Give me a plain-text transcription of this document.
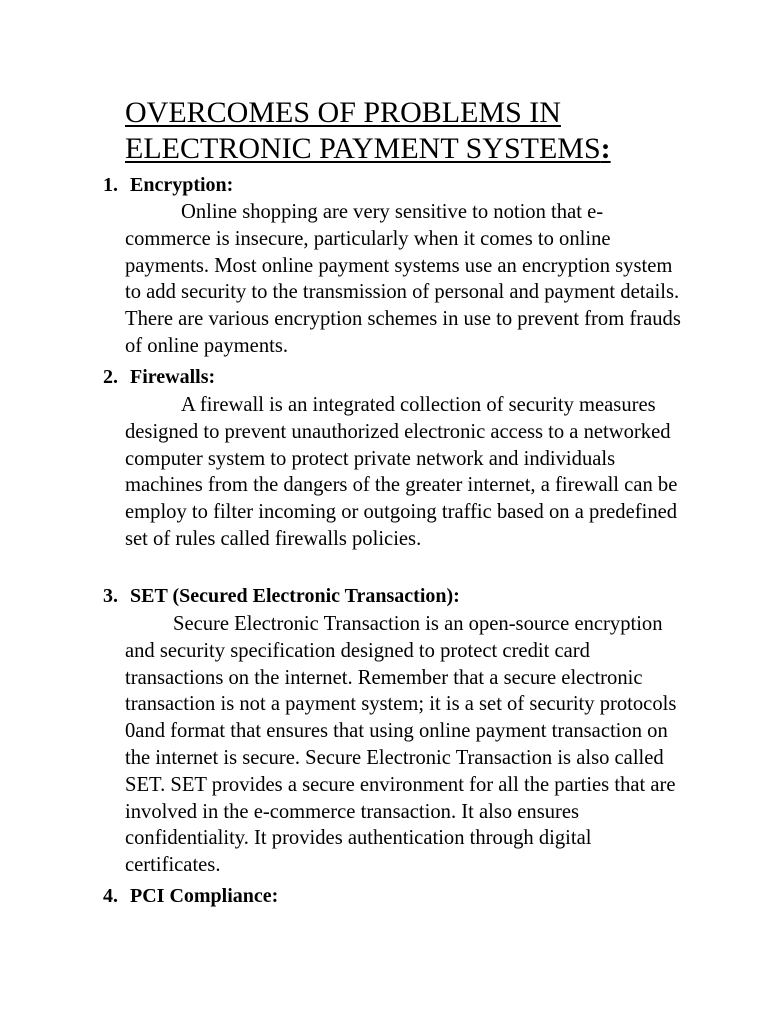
OVERCOMES OF PROBLEMS IN ELECTRONIC PAYMENT SYSTEMS:
1. Encryption:

Online shopping are very sensitive to notion that e-commerce is insecure, particularly when it comes to online payments. Most online payment systems use an encryption system to add security to the transmission of personal and payment details. There are various encryption schemes in use to prevent from frauds of online payments.

2. Firewalls:

A firewall is an integrated collection of security measures designed to prevent unauthorized electronic access to a networked computer system to protect private network and individuals machines from the dangers of the greater internet, a firewall can be employ to filter incoming or outgoing traffic based on a predefined set of rules called firewalls policies.

3. SET (Secured Electronic Transaction):

Secure Electronic Transaction is an open-source encryption and security specification designed to protect credit card transactions on the internet. Remember that a secure electronic transaction is not a payment system; it is a set of security protocols 0and format that ensures that using online payment transaction on the internet is secure. Secure Electronic Transaction is also called SET. SET provides a secure environment for all the parties that are involved in the e-commerce transaction. It also ensures confidentiality. It provides authentication through digital certificates.

4. PCI Compliance:
